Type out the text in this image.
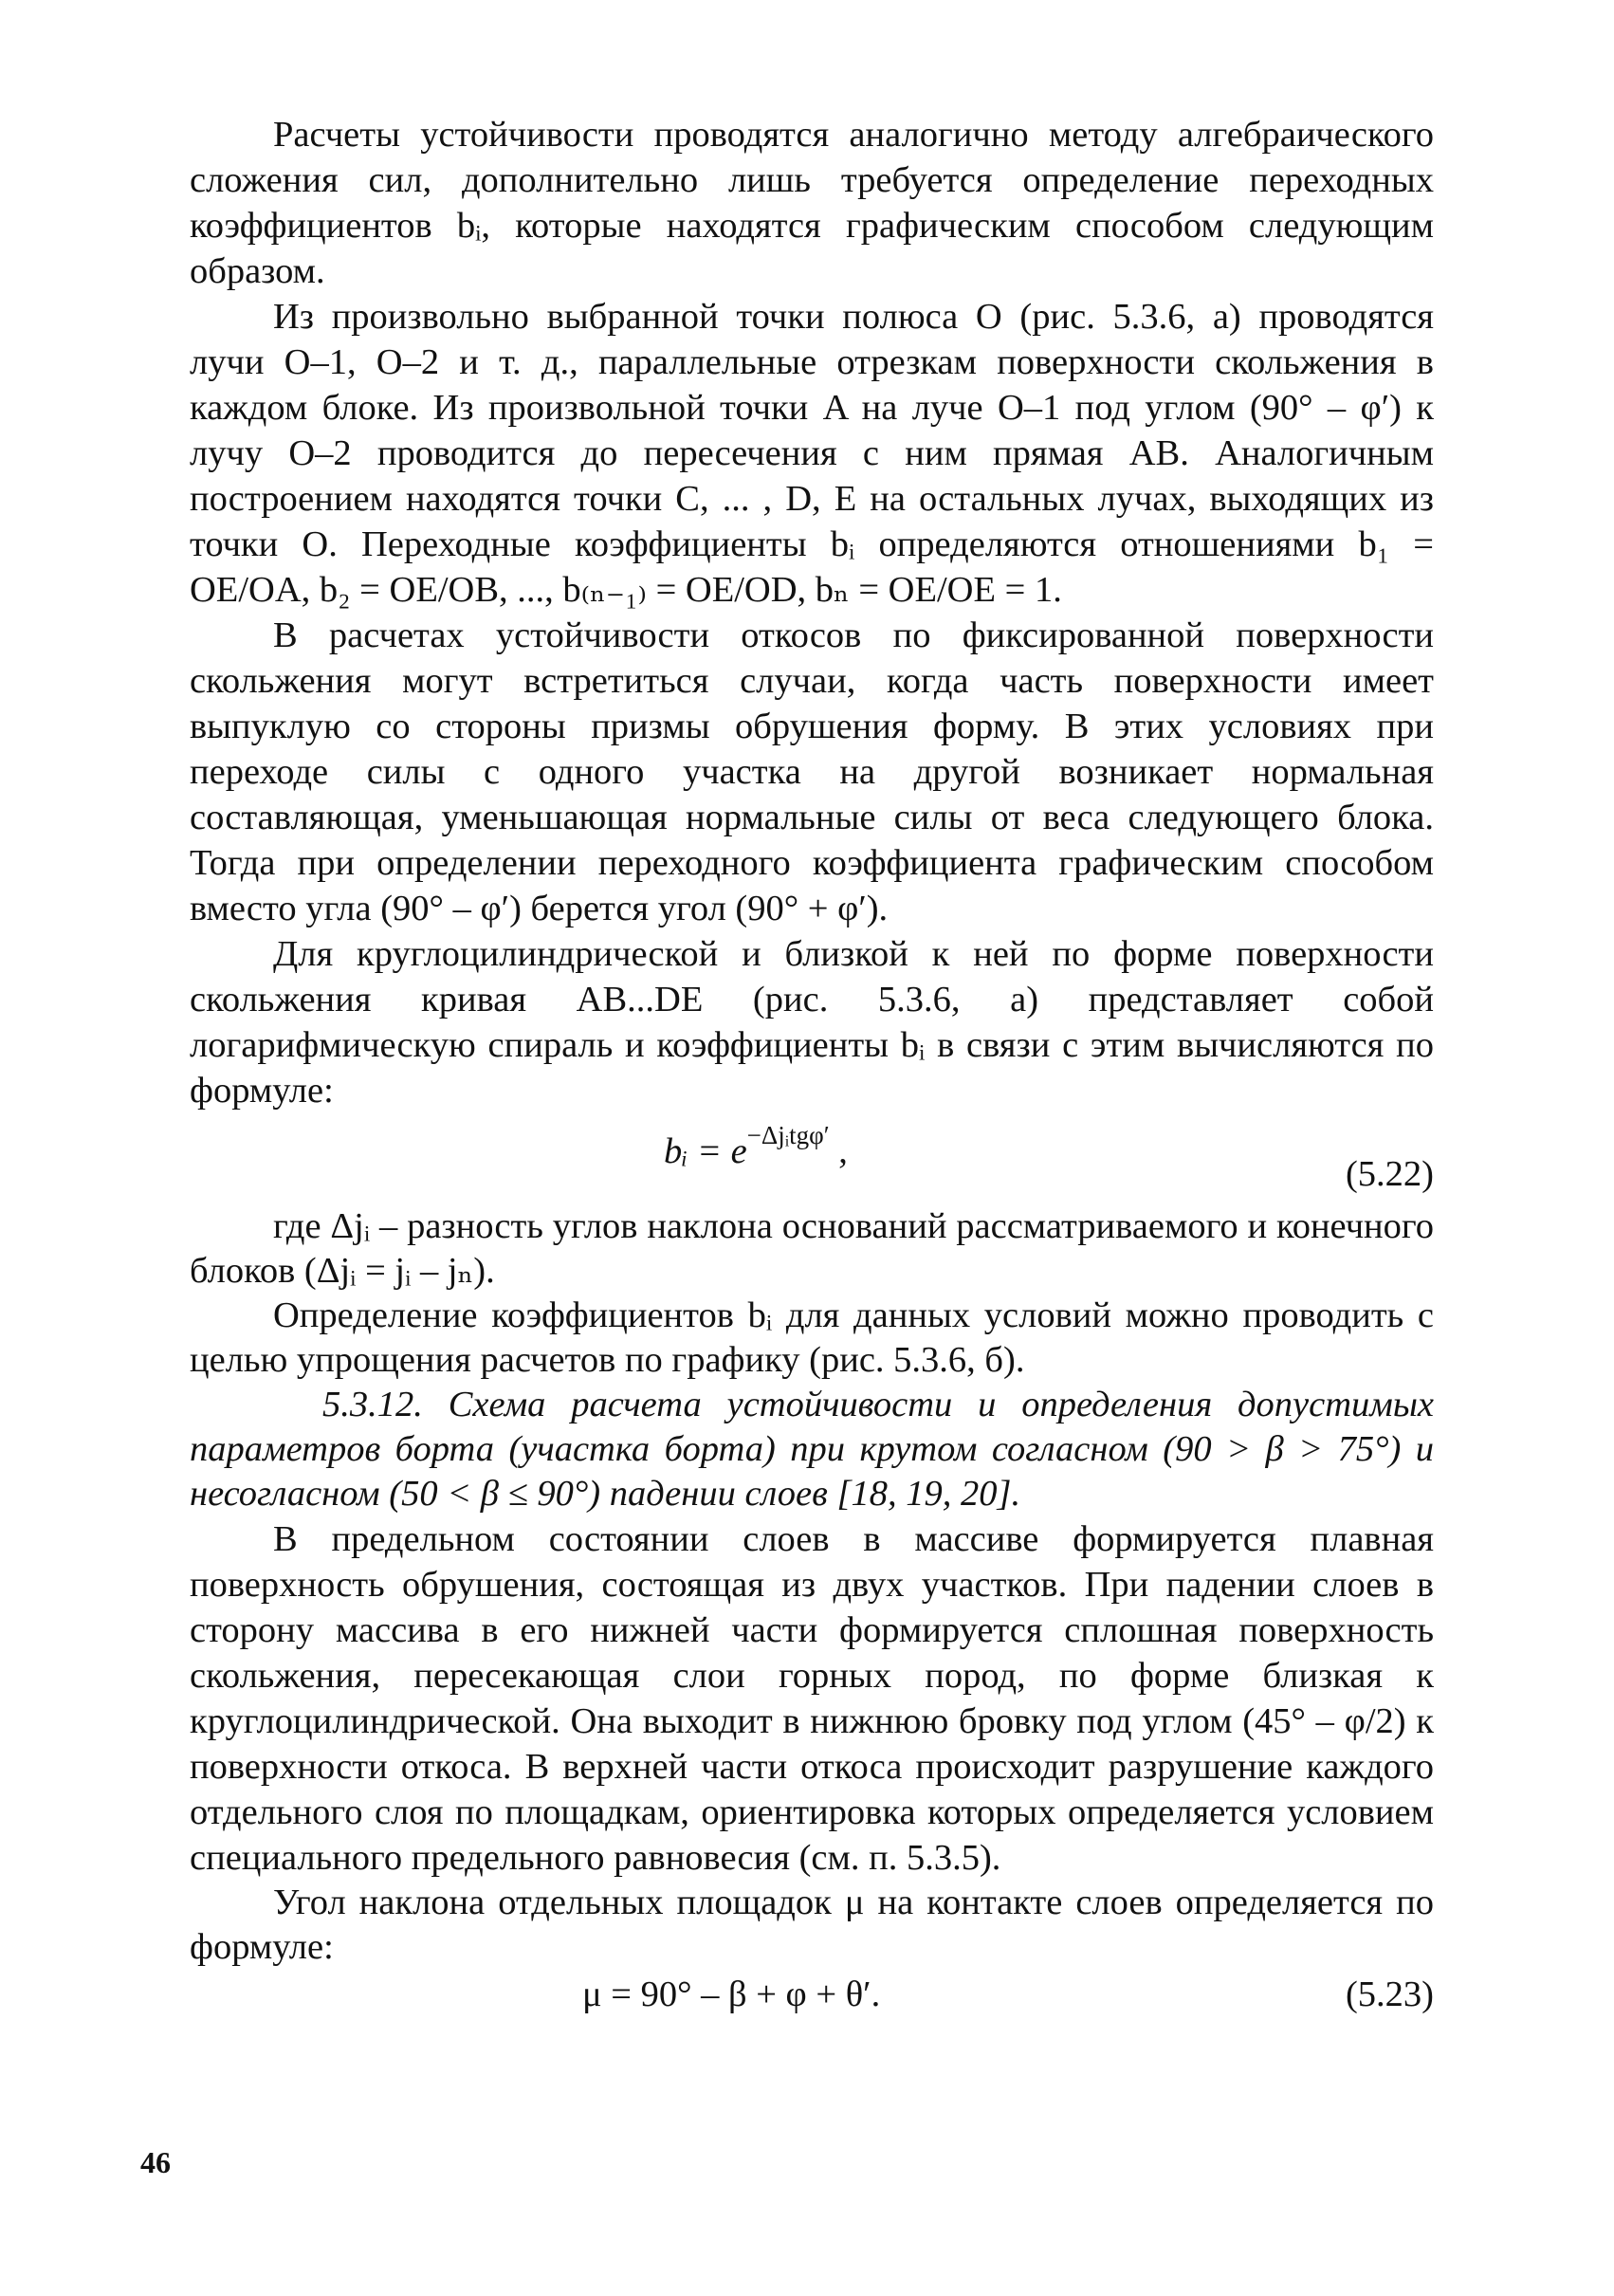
Расчеты устойчивости проводятся аналогично методу алгебраического сложения сил, дополнительно лишь требуется определение переходных коэффициентов bᵢ, которые находятся графическим способом следующим образом.

Из произвольно выбранной точки полюса O (рис. 5.3.6, a) проводятся лучи O–1, O–2 и т. д., параллельные отрезкам поверхности скольжения в каждом блоке. Из произвольной точки A на луче O–1 под углом (90° – φ′) к лучу O–2 проводится до пересечения с ним прямая AB. Аналогичным построением находятся точки C, ... , D, E на остальных лучах, выходящих из точки O. Переходные коэффициенты bᵢ определяются отношениями b₁ = OE/OA, b₂ = OE/OB, ..., b₍ₙ₋₁₎ = OE/OD, bₙ = OE/OE = 1.

В расчетах устойчивости откосов по фиксированной поверхности скольжения могут встретиться случаи, когда часть поверхности имеет выпуклую со стороны призмы обрушения форму. В этих условиях при переходе силы с одного участка на другой возникает нормальная составляющая, уменьшающая нормальные силы от веса следующего блока. Тогда при определении переходного коэффициента графическим способом вместо угла (90° – φ′) берется угол (90° + φ′).

Для круглоцилиндрической и близкой к ней по форме поверхности скольжения кривая AB...DE (рис. 5.3.6, a) представляет собой логарифмическую спираль и коэффициенты bᵢ в связи с этим вычисляются по формуле:

bᵢ = $e^{-\Delta jᵢtg\varphi'}$ ,
(5.22)

где Δjᵢ – разность углов наклона оснований рассматриваемого и конечного блоков (Δjᵢ = jᵢ – jₙ).

Определение коэффициентов bᵢ для данных условий можно проводить с целью упрощения расчетов по графику (рис. 5.3.6, б).

5.3.12. Схема расчета устойчивости и определения допустимых параметров борта (участка борта) при крутом согласном (90 > β > 75°) и несогласном (50 < β ≤ 90°) падении слоев [18, 19, 20].

В предельном состоянии слоев в массиве формируется плавная поверхность обрушения, состоящая из двух участков. При падении слоев в сторону массива в его нижней части формируется сплошная поверхность скольжения, пересекающая слои горных пород, по форме близкая к круглоцилиндрической. Она выходит в нижнюю бровку под углом (45° – φ/2) к поверхности откоса. В верхней части откоса происходит разрушение каждого отдельного слоя по площадкам, ориентировка которых определяется условием специального предельного равновесия (см. п. 5.3.5).

Угол наклона отдельных площадок μ на контакте слоев определяется по формуле:

μ = 90° – β + φ + θ′.	(5.23)
46
